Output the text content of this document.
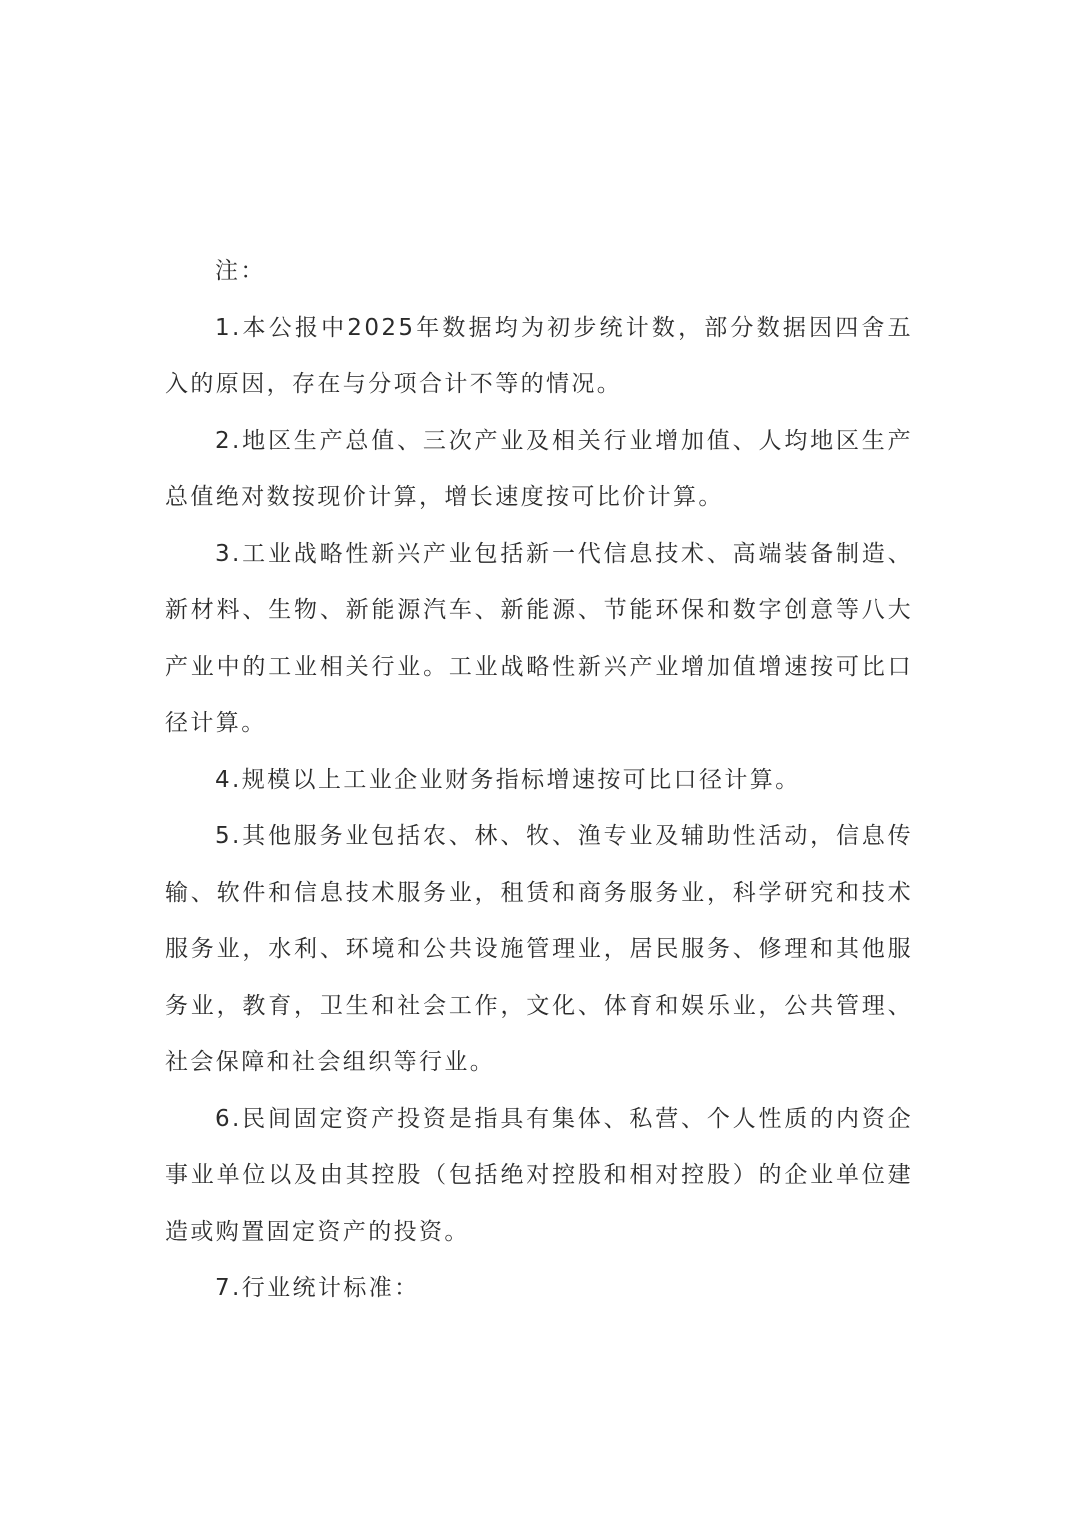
注：

1.本公报中2025年数据均为初步统计数，部分数据因四舍五入的原因，存在与分项合计不等的情况。

2.地区生产总值、三次产业及相关行业增加值、人均地区生产总值绝对数按现价计算，增长速度按可比价计算。

3.工业战略性新兴产业包括新一代信息技术、高端装备制造、新材料、生物、新能源汽车、新能源、节能环保和数字创意等八大产业中的工业相关行业。工业战略性新兴产业增加值增速按可比口径计算。

4.规模以上工业企业财务指标增速按可比口径计算。

5.其他服务业包括农、林、牧、渔专业及辅助性活动，信息传输、软件和信息技术服务业，租赁和商务服务业，科学研究和技术服务业，水利、环境和公共设施管理业，居民服务、修理和其他服务业，教育，卫生和社会工作，文化、体育和娱乐业，公共管理、社会保障和社会组织等行业。

6.民间固定资产投资是指具有集体、私营、个人性质的内资企事业单位以及由其控股（包括绝对控股和相对控股）的企业单位建造或购置固定资产的投资。

7.行业统计标准：
